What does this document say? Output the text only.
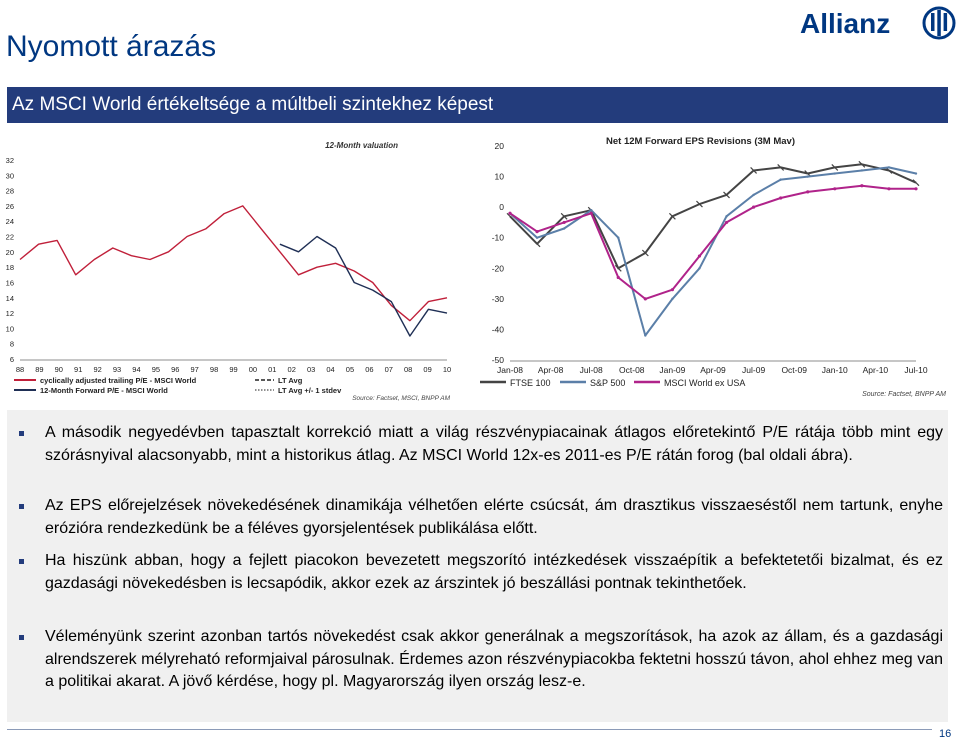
Nyomott árazás
Allianz
Az MSCI World értékeltsége a múltbeli szintekhez képest
12-Month valuation
32
30
28
26
24
22
20
18
16
14
12
10
8
6
88 89 90 91 92 93 94 95 96 97 98 99 00 01 02 03 04 05 06 07 08 09 10
cyclically adjusted trailing P/E - MSCI World
12-Month Forward P/E - MSCI World
LT Avg
LT Avg +/- 1 stdev
Source: Factset, MSCI, BNPP AM
Net 12M Forward EPS Revisions (3M Mav)
20
10
0
-10
-20
-30
-40
-50
Jan-08 Apr-08 Jul-08 Oct-08 Jan-09 Apr-09 Jul-09 Oct-09 Jan-10 Apr-10 Jul-10
FTSE 100	S&P 500	MSCI World ex USA
Source: Factset, BNPP AM
A második negyedévben tapasztalt korrekció miatt a világ részvénypiacainak átlagos előretekintő P/E rátája több mint egy szórásnyival alacsonyabb, mint a historikus átlag. Az MSCI World 12x-es 2011-es P/E rátán forog (bal oldali ábra).
Az EPS előrejelzések növekedésének dinamikája vélhetően elérte csúcsát, ám drasztikus visszaeséstől nem tartunk, enyhe erózióra rendezkedünk be a féléves gyorsjelentések publikálása előtt.
Ha hiszünk abban, hogy a fejlett piacokon bevezetett megszorító intézkedések visszaépítik a befektetetői bizalmat, és ez gazdasági növekedésben is lecsapódik, akkor ezek az árszintek jó beszállási pontnak tekinthetőek.
Véleményünk szerint azonban tartós növekedést csak akkor generálnak a megszorítások, ha azok az állam, és a gazdasági alrendszerek mélyreható reformjaival párosulnak. Érdemes azon részvénypiacokba fektetni hosszú távon, ahol ehhez meg van a politikai akarat. A jövő kérdése, hogy pl. Magyarország ilyen ország lesz-e.
16
